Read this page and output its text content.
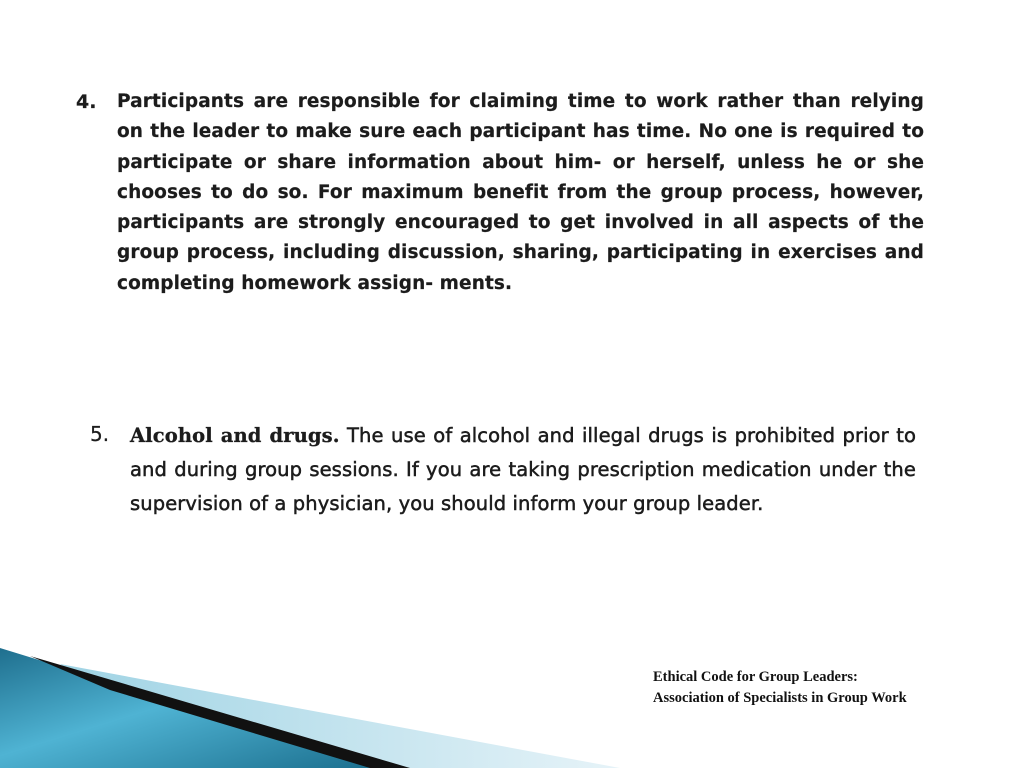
4.	Participants are responsible for claiming time to work rather than relying on the leader to make sure each participant has time. No one is required to participate or share information about him- or herself, unless he or she chooses to do so. For maximum benefit from the group process, however, participants are strongly encouraged to get involved in all aspects of the group process, including discussion, sharing, participating in exercises and completing homework assign- ments.
5.	Alcohol and drugs. The use of alcohol and illegal drugs is prohibited prior to and during group sessions. If you are taking prescription medication under the supervision of a physician, you should inform your group leader.
Ethical Code for Group Leaders:
Association of Specialists in Group Work
